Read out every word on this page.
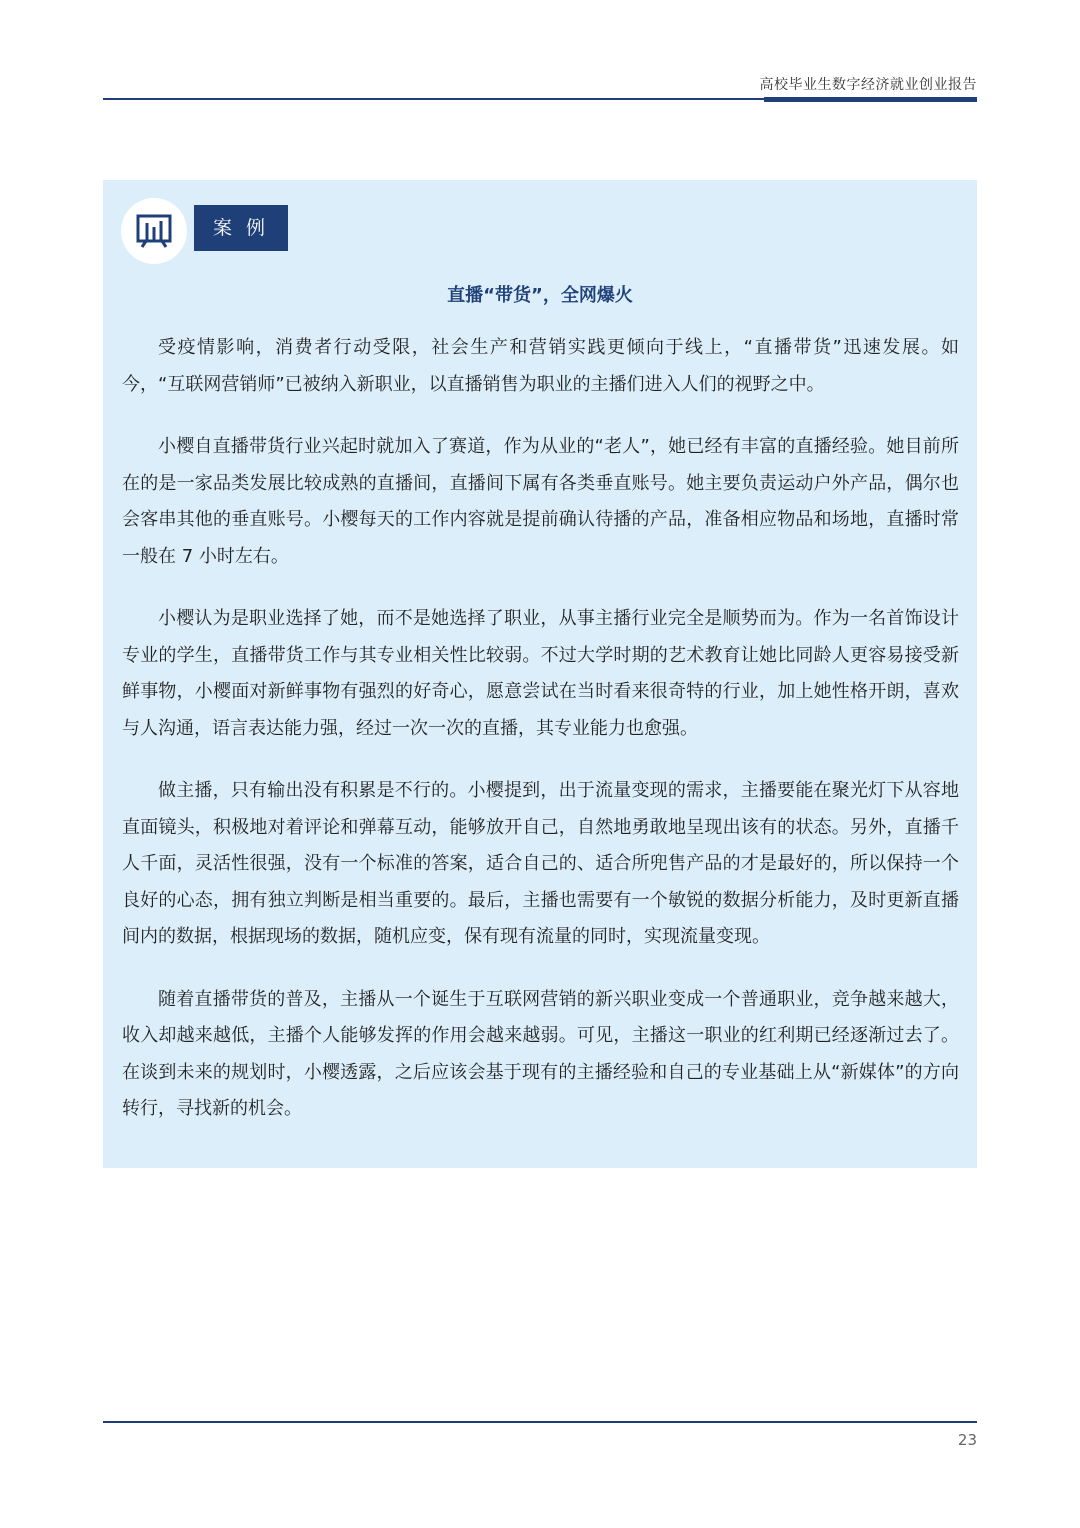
高校毕业生数字经济就业创业报告
案 例
直播“带货”，全网爆火

受疫情影响，消费者行动受限，社会生产和营销实践更倾向于线上，“直播带货”迅速发展。如今，“互联网营销师”已被纳入新职业，以直播销售为职业的主播们进入人们的视野之中。

小樱自直播带货行业兴起时就加入了赛道，作为从业的“老人”，她已经有丰富的直播经验。她目前所在的是一家品类发展比较成熟的直播间，直播间下属有各类垂直账号。她主要负责运动户外产品，偶尔也会客串其他的垂直账号。小樱每天的工作内容就是提前确认待播的产品，准备相应物品和场地，直播时常一般在 7 小时左右。

小樱认为是职业选择了她，而不是她选择了职业，从事主播行业完全是顺势而为。作为一名首饰设计专业的学生，直播带货工作与其专业相关性比较弱。不过大学时期的艺术教育让她比同龄人更容易接受新鲜事物，小樱面对新鲜事物有强烈的好奇心，愿意尝试在当时看来很奇特的行业，加上她性格开朗，喜欢与人沟通，语言表达能力强，经过一次一次的直播，其专业能力也愈强。

做主播，只有输出没有积累是不行的。小樱提到，出于流量变现的需求，主播要能在聚光灯下从容地直面镜头，积极地对着评论和弹幕互动，能够放开自己，自然地勇敢地呈现出该有的状态。另外，直播千人千面，灵活性很强，没有一个标准的答案，适合自己的、适合所兜售产品的才是最好的，所以保持一个良好的心态，拥有独立判断是相当重要的。最后，主播也需要有一个敏锐的数据分析能力，及时更新直播间内的数据，根据现场的数据，随机应变，保有现有流量的同时，实现流量变现。

随着直播带货的普及，主播从一个诞生于互联网营销的新兴职业变成一个普通职业，竞争越来越大，收入却越来越低，主播个人能够发挥的作用会越来越弱。可见，主播这一职业的红利期已经逐渐过去了。在谈到未来的规划时，小樱透露，之后应该会基于现有的主播经验和自己的专业基础上从“新媒体”的方向转行，寻找新的机会。

23
